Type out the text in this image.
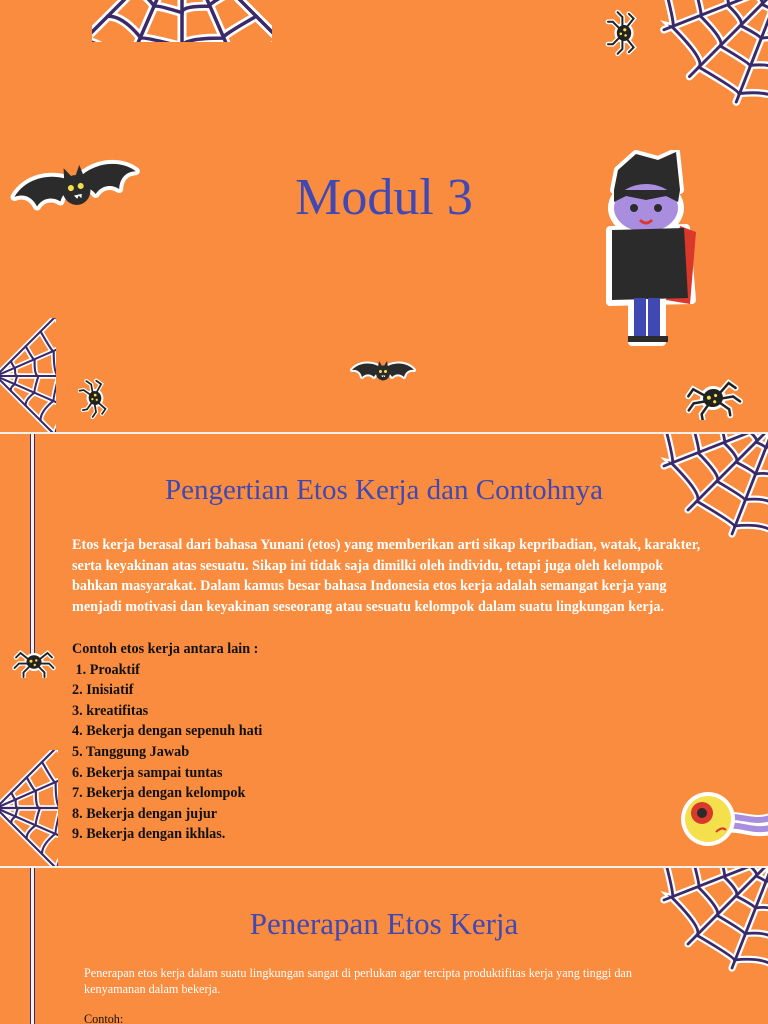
Modul 3
Pengertian Etos Kerja dan Contohnya

Etos kerja berasal dari bahasa Yunani (etos) yang memberikan arti sikap kepribadian, watak, karakter, serta keyakinan atas sesuatu. Sikap ini tidak saja dimilki oleh individu, tetapi juga oleh kelompok bahkan masyarakat. Dalam kamus besar bahasa Indonesia etos kerja adalah semangat kerja yang menjadi motivasi dan keyakinan seseorang atau sesuatu kelompok dalam suatu lingkungan kerja.

Contoh etos kerja antara lain :
1. Proaktif
2. Inisiatif
3. kreatifitas
4. Bekerja dengan sepenuh hati
5. Tanggung Jawab
6. Bekerja sampai tuntas
7. Bekerja dengan kelompok
8. Bekerja dengan jujur
9. Bekerja dengan ikhlas.
Penerapan Etos Kerja

Penerapan etos kerja dalam suatu lingkungan sangat di perlukan agar tercipta produktifitas kerja yang tinggi dan kenyamanan dalam bekerja.

Contoh:
